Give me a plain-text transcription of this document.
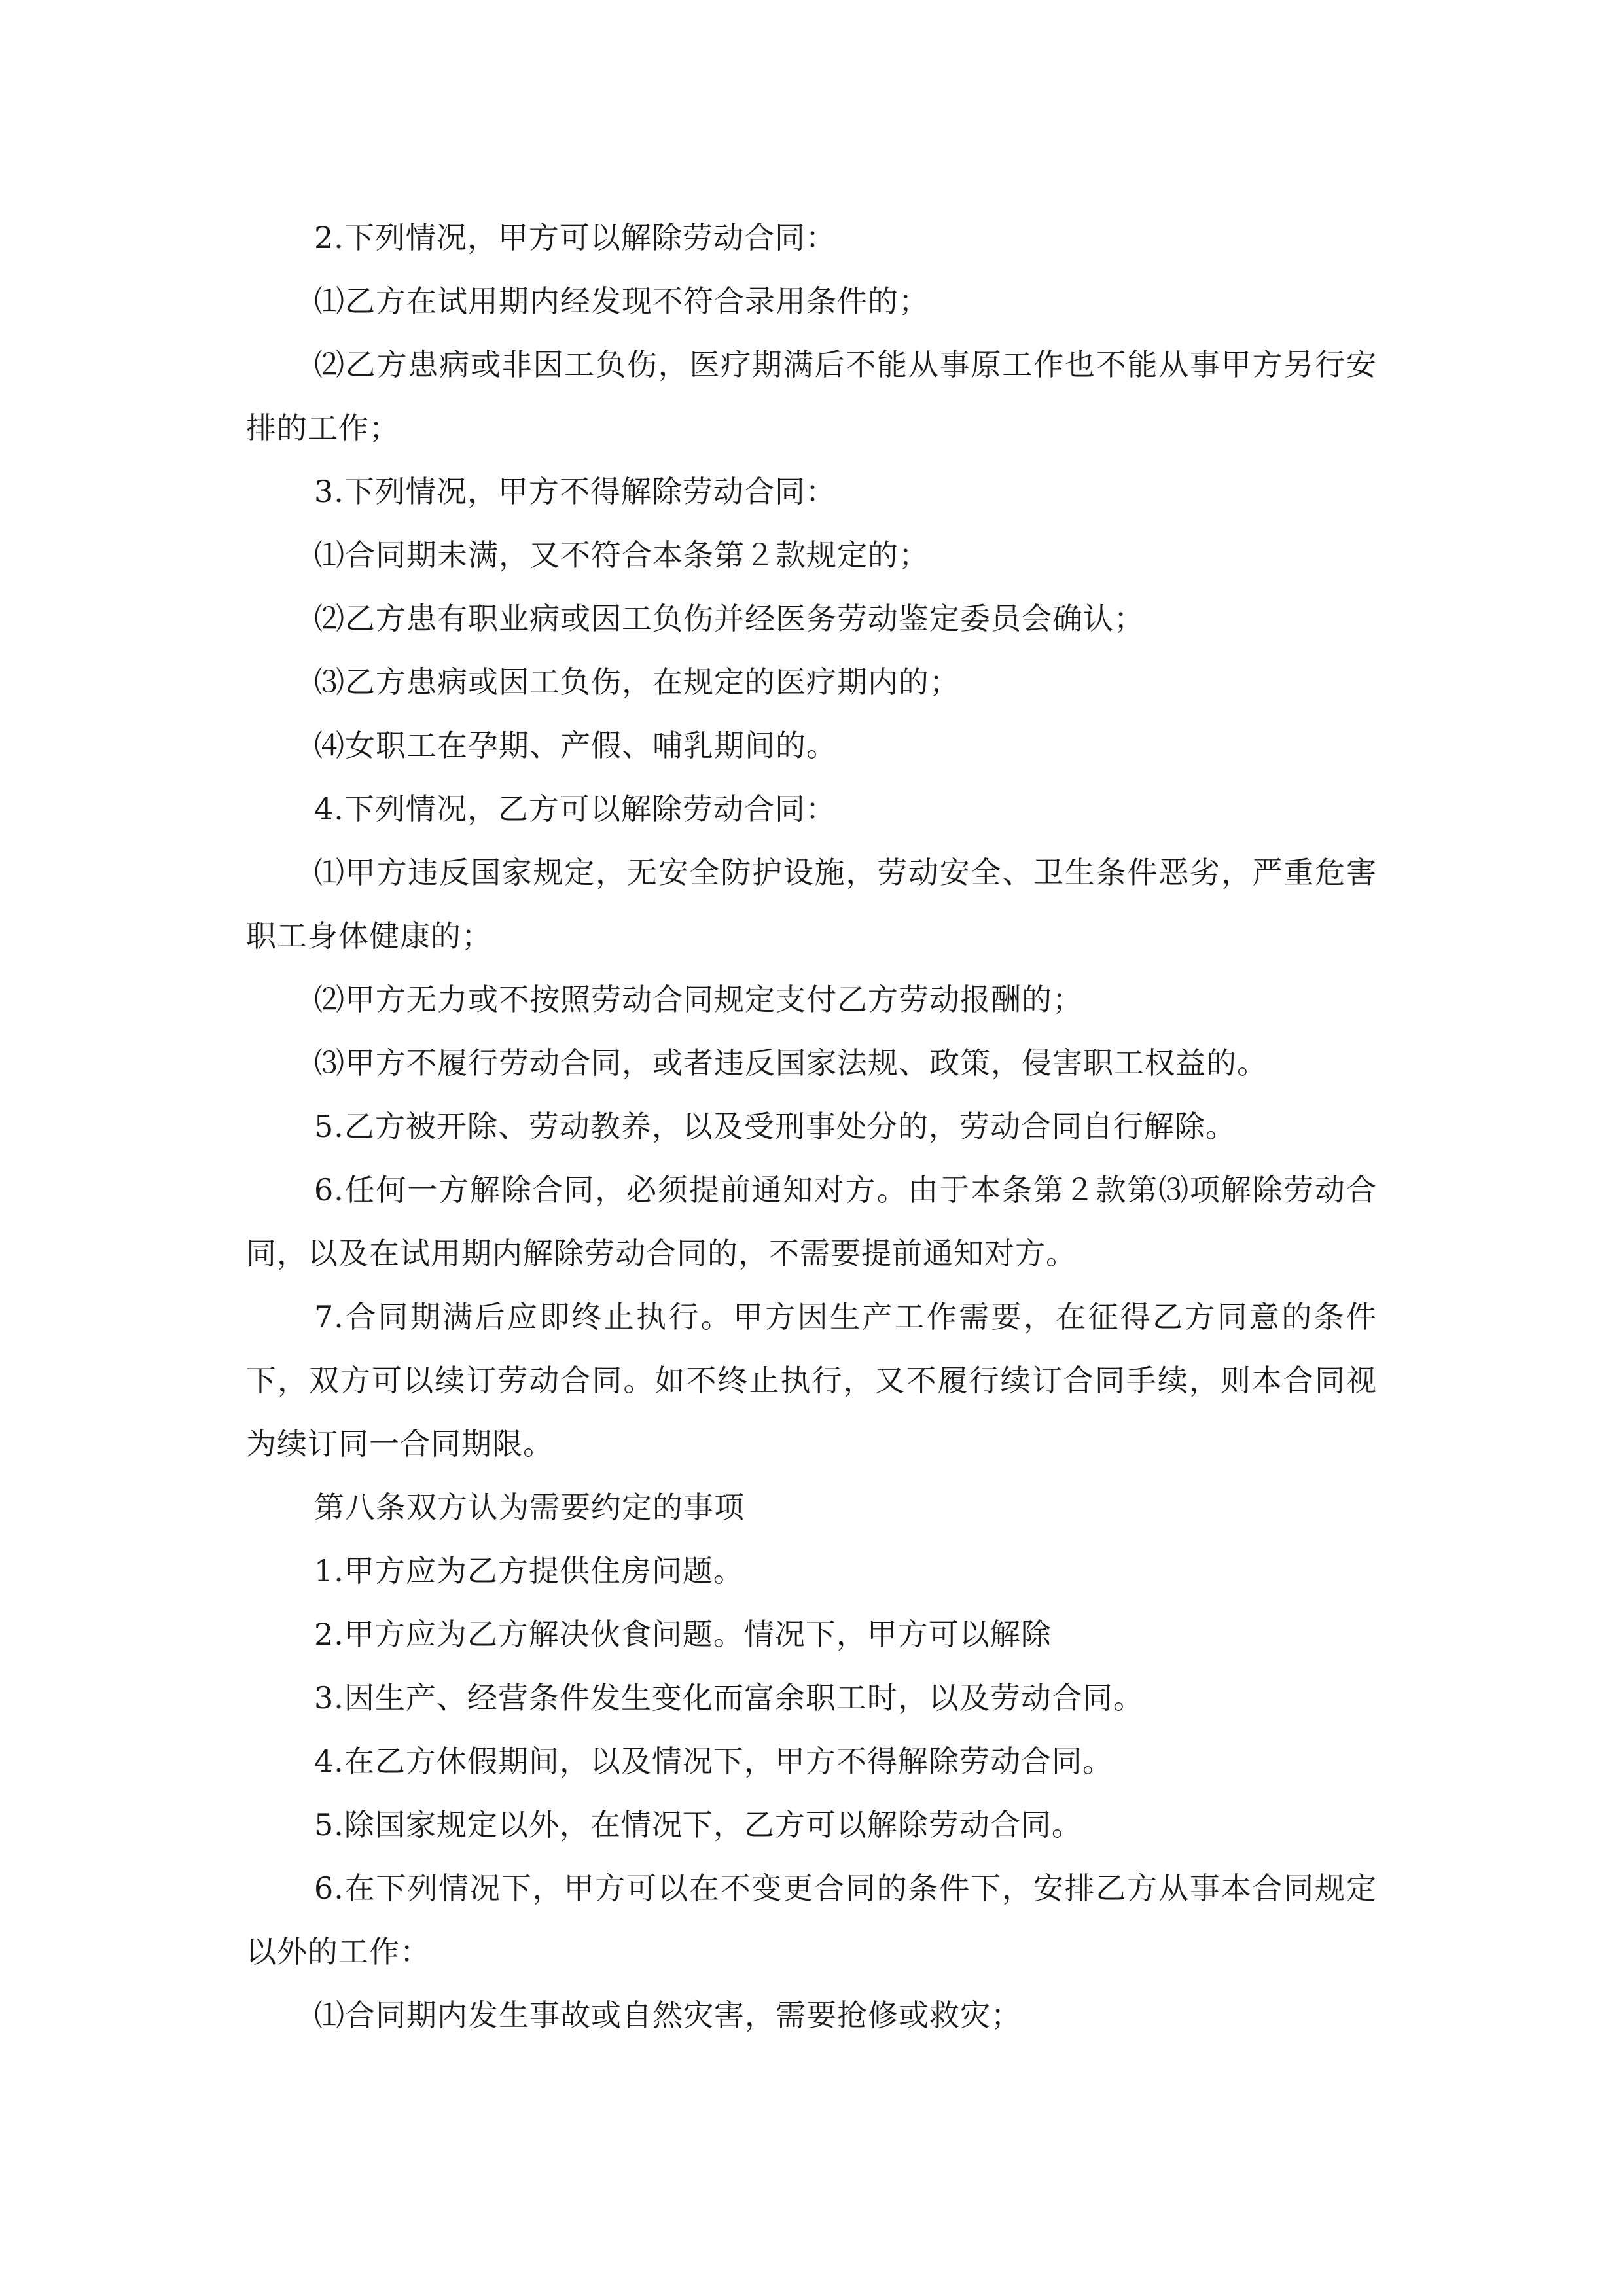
2.下列情况，甲方可以解除劳动合同：

⑴乙方在试用期内经发现不符合录用条件的；

⑵乙方患病或非因工负伤，医疗期满后不能从事原工作也不能从事甲方另行安排的工作；

3.下列情况，甲方不得解除劳动合同：

⑴合同期未满，又不符合本条第２款规定的；

⑵乙方患有职业病或因工负伤并经医务劳动鉴定委员会确认；

⑶乙方患病或因工负伤，在规定的医疗期内的；

⑷女职工在孕期、产假、哺乳期间的。

4.下列情况，乙方可以解除劳动合同：

⑴甲方违反国家规定，无安全防护设施，劳动安全、卫生条件恶劣，严重危害职工身体健康的；

⑵甲方无力或不按照劳动合同规定支付乙方劳动报酬的；

⑶甲方不履行劳动合同，或者违反国家法规、政策，侵害职工权益的。

5.乙方被开除、劳动教养，以及受刑事处分的，劳动合同自行解除。

6.任何一方解除合同，必须提前通知对方。由于本条第２款第⑶项解除劳动合同，以及在试用期内解除劳动合同的，不需要提前通知对方。

7.合同期满后应即终止执行。甲方因生产工作需要，在征得乙方同意的条件下，双方可以续订劳动合同。如不终止执行，又不履行续订合同手续，则本合同视为续订同一合同期限。

第八条双方认为需要约定的事项

1.甲方应为乙方提供住房问题。

2.甲方应为乙方解决伙食问题。情况下，甲方可以解除

3.因生产、经营条件发生变化而富余职工时，以及劳动合同。

4.在乙方休假期间，以及情况下，甲方不得解除劳动合同。

5.除国家规定以外，在情况下，乙方可以解除劳动合同。

6.在下列情况下，甲方可以在不变更合同的条件下，安排乙方从事本合同规定以外的工作：

⑴合同期内发生事故或自然灾害，需要抢修或救灾；
